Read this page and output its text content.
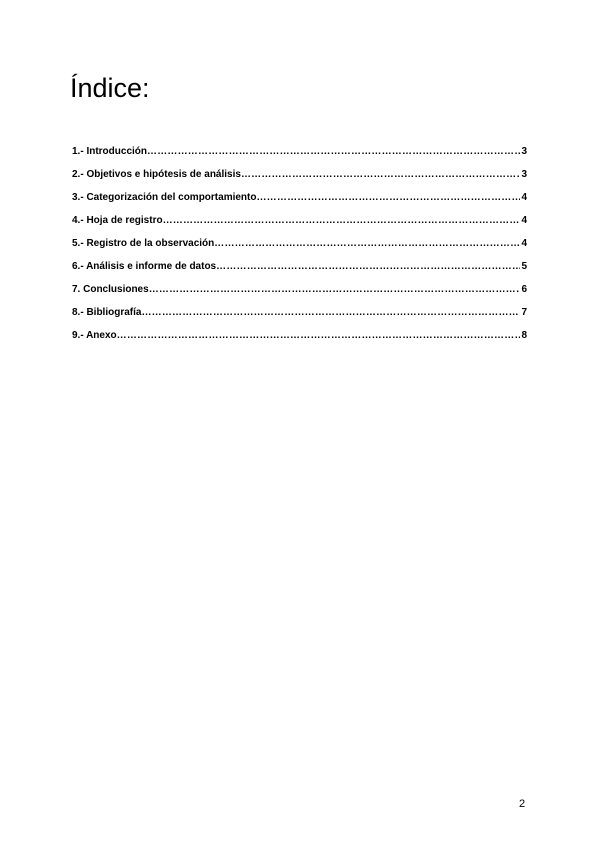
Índice:
1.- Introducción ……………………………………………………………………………………………………………………………………………………………………………………………………	3
2.- Objetivos e hipótesis de análisis ……………………………………………………………………………………………………………………………………………………………………………………………………	3
3.- Categorización del comportamiento ……………………………………………………………………………………………………………………………………………………………………………………………………	4
4.- Hoja de registro ……………………………………………………………………………………………………………………………………………………………………………………………………	4
5.- Registro de la observación ……………………………………………………………………………………………………………………………………………………………………………………………………	4
6.- Análisis e informe de datos ……………………………………………………………………………………………………………………………………………………………………………………………………	5
7. Conclusiones ……………………………………………………………………………………………………………………………………………………………………………………………………	6
8.- Bibliografía ……………………………………………………………………………………………………………………………………………………………………………………………………	7
9.- Anexo ……………………………………………………………………………………………………………………………………………………………………………………………………	8
2
